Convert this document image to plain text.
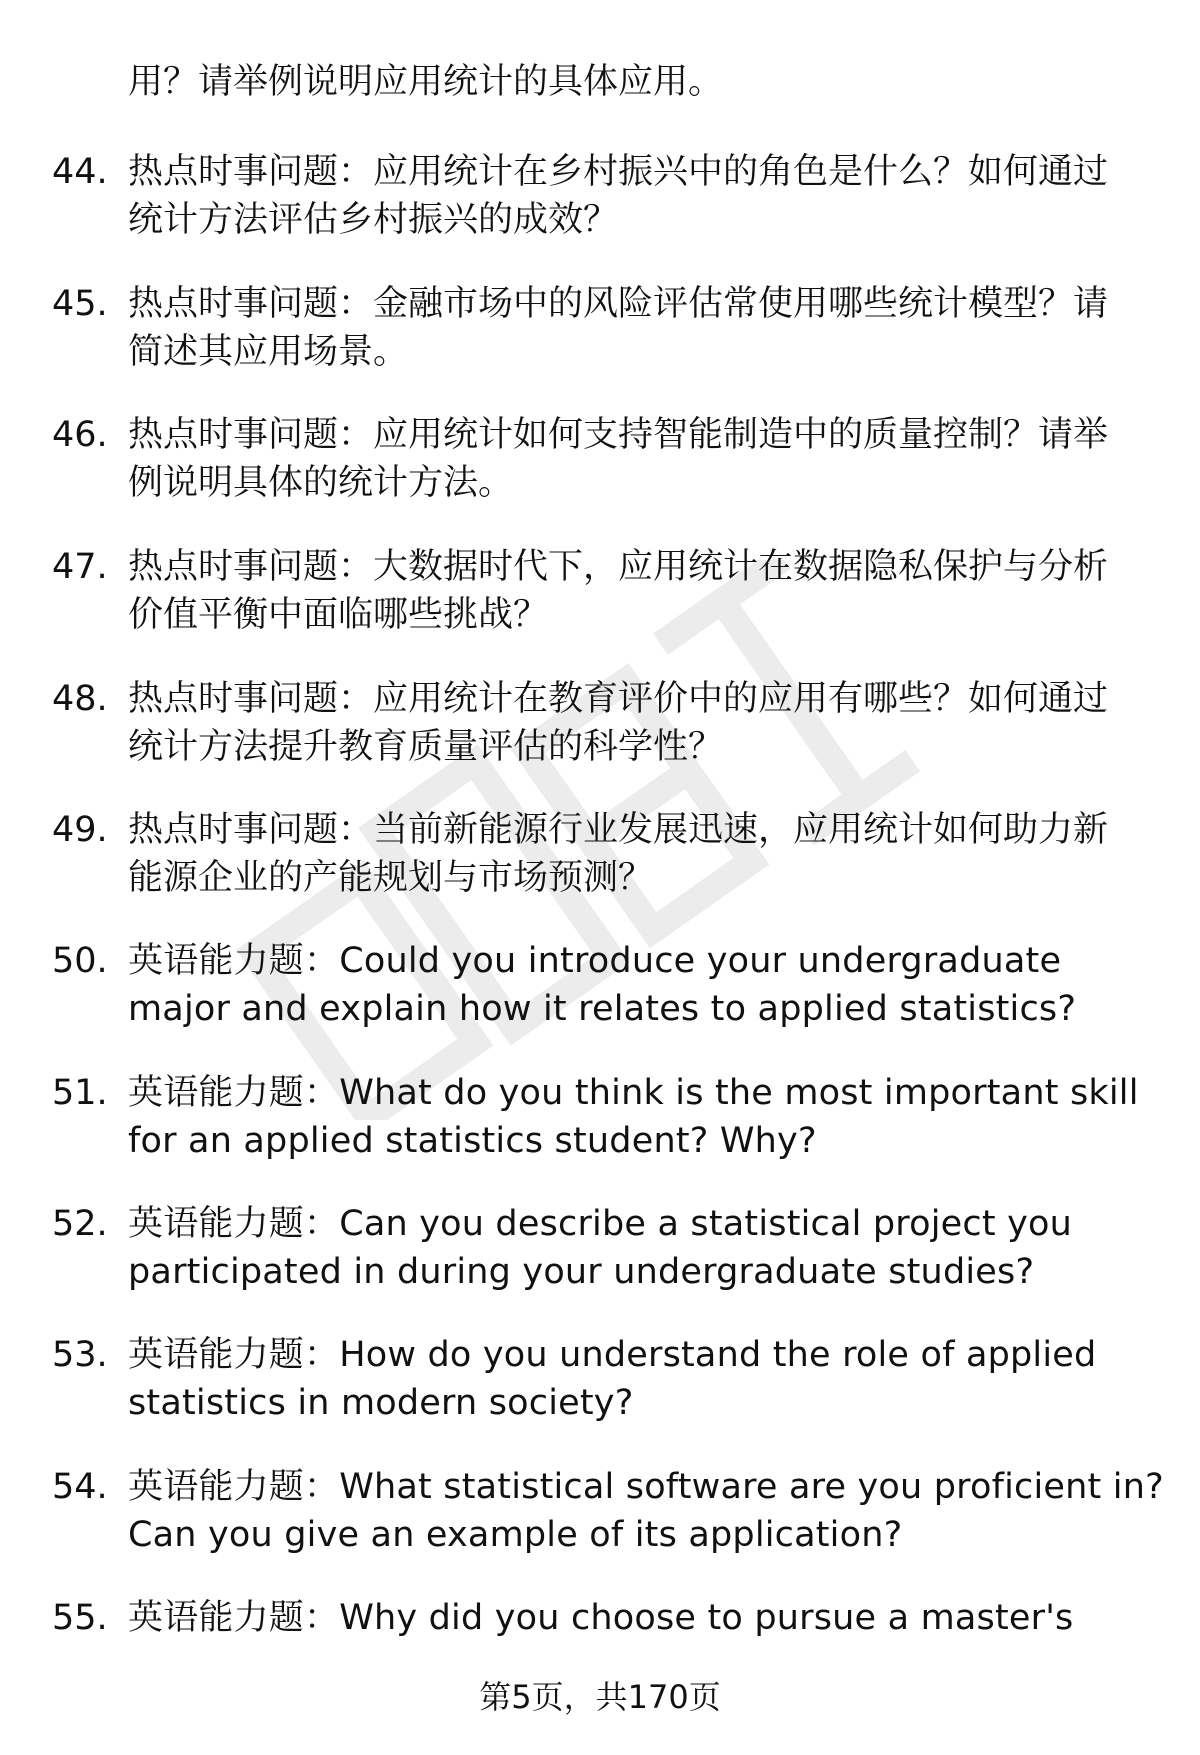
用？请举例说明应用统计的具体应用。
44. 热点时事问题：应用统计在乡村振兴中的角色是什么？如何通过
统计方法评估乡村振兴的成效？
45. 热点时事问题：金融市场中的风险评估常使用哪些统计模型？请
简述其应用场景。
46. 热点时事问题：应用统计如何支持智能制造中的质量控制？请举
例说明具体的统计方法。
47. 热点时事问题：大数据时代下，应用统计在数据隐私保护与分析
价值平衡中面临哪些挑战？
48. 热点时事问题：应用统计在教育评价中的应用有哪些？如何通过
统计方法提升教育质量评估的科学性？
49. 热点时事问题：当前新能源行业发展迅速，应用统计如何助力新
能源企业的产能规划与市场预测？
50. 英语能力题：Could you introduce your undergraduate
major and explain how it relates to applied statistics?
51. 英语能力题：What do you think is the most important skill
for an applied statistics student? Why?
52. 英语能力题：Can you describe a statistical project you
participated in during your undergraduate studies?
53. 英语能力题：How do you understand the role of applied
statistics in modern society?
54. 英语能力题：What statistical software are you proficient in?
Can you give an example of its application?
55. 英语能力题：Why did you choose to pursue a master's
第5页，共170页
